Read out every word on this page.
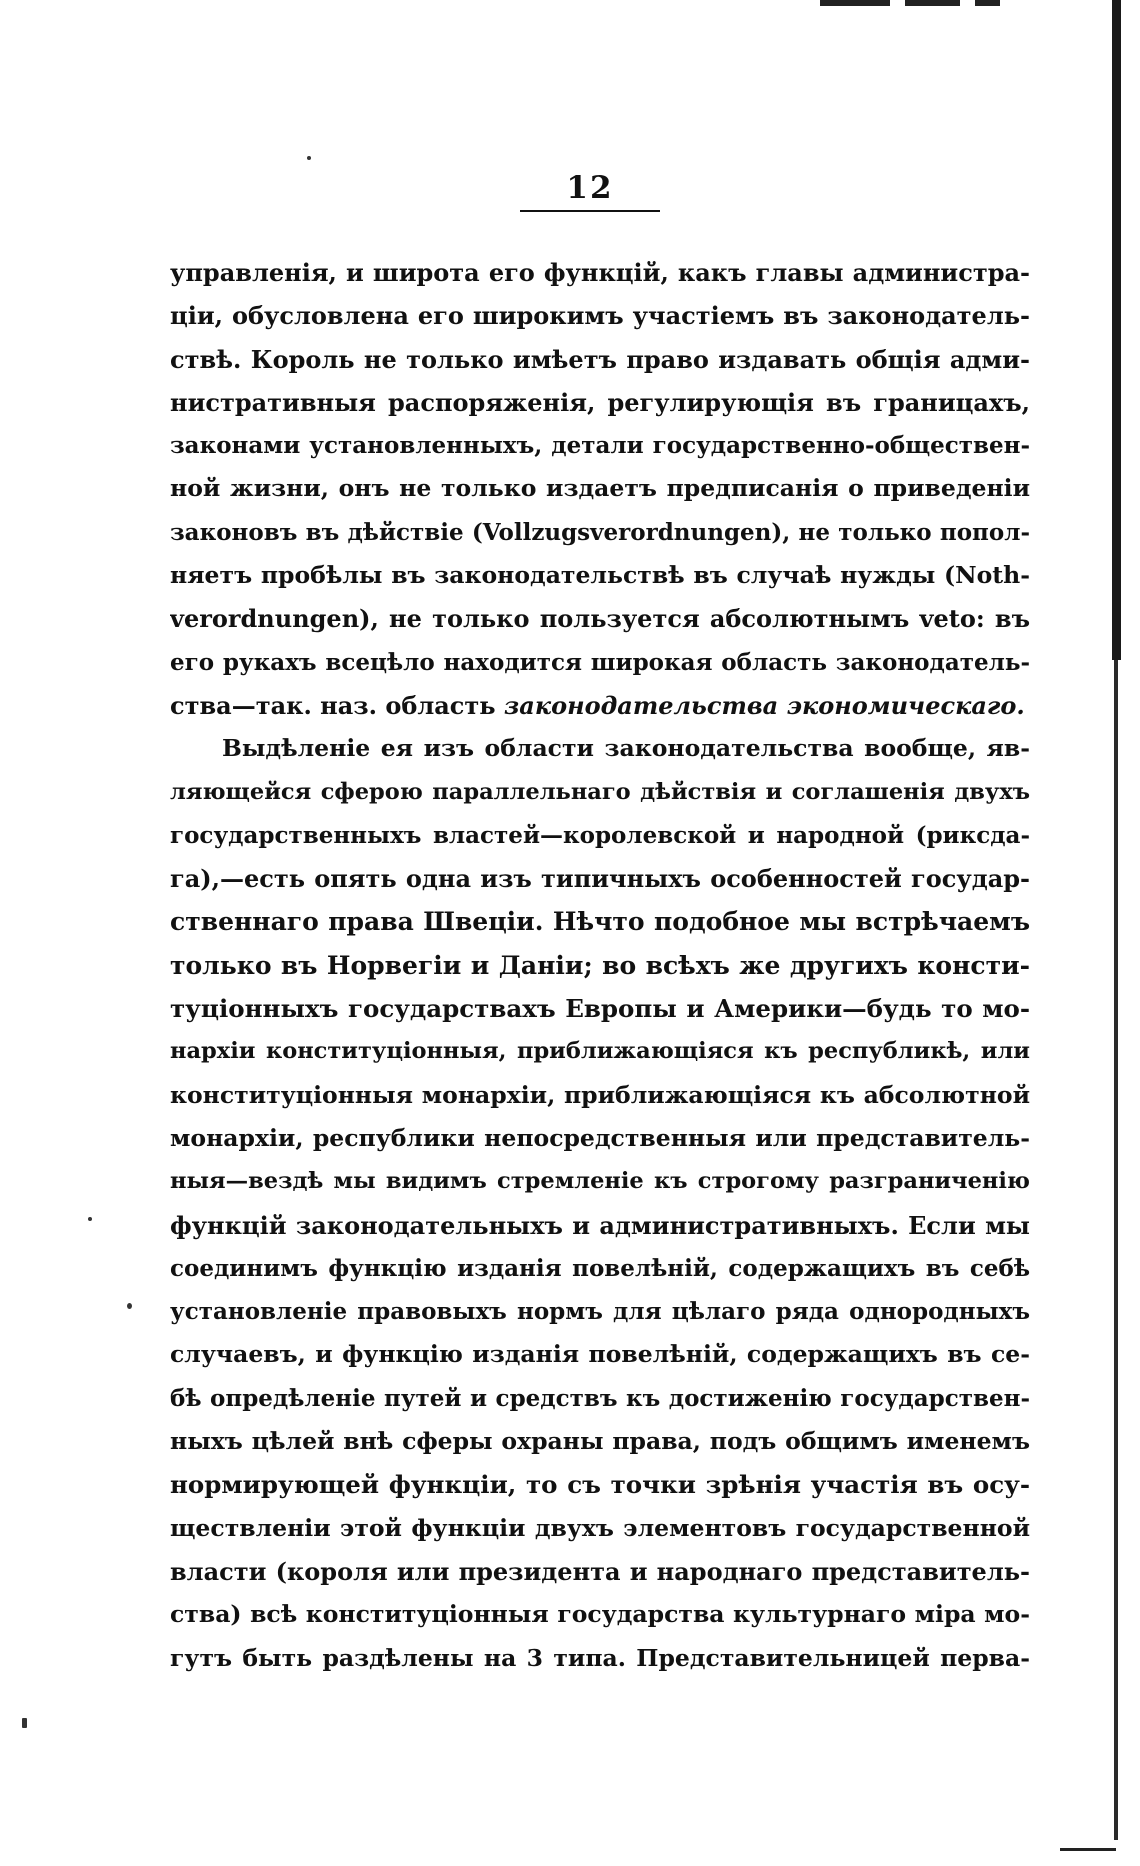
12
управленія, и широта его функцій, какъ главы администра-
ціи, обусловлена его широкимъ участіемъ въ законодатель-
ствѣ. Король не только имѣетъ право издавать общія адми-
нистративныя распоряженія, регулирующія въ границахъ,
законами установленныхъ, детали государственно-обществен-
ной жизни, онъ не только издаетъ предписанія о приведеніи
законовъ въ дѣйствіе (Vollzugsverordnungen), не только попол-
няетъ пробѣлы въ законодательствѣ въ случаѣ нужды (Noth-
verordnungen), не только пользуется абсолютнымъ veto: въ
его рукахъ всецѣло находится широкая область законодатель-
ства—так. наз. область законодательства экономическаго.
Выдѣленіе ея изъ области законодательства вообще, яв-
ляющейся сферою параллельнаго дѣйствія и соглашенія двухъ
государственныхъ властей—королевской и народной (риксда-
га),—есть опять одна изъ типичныхъ особенностей государ-
ственнаго права Швеціи. Нѣчто подобное мы встрѣчаемъ
только въ Норвегіи и Даніи; во всѣхъ же другихъ консти-
туціонныхъ государствахъ Европы и Америки—будь то мо-
нархіи конституціонныя, приближающіяся къ республикѣ, или
конституціонныя монархіи, приближающіяся къ абсолютной
монархіи, республики непосредственныя или представитель-
ныя—вездѣ мы видимъ стремленіе къ строгому разграниченію
функцій законодательныхъ и административныхъ. Если мы
соединимъ функцію изданія повелѣній, содержащихъ въ себѣ
установленіе правовыхъ нормъ для цѣлаго ряда однородныхъ
случаевъ, и функцію изданія повелѣній, содержащихъ въ се-
бѣ опредѣленіе путей и средствъ къ достиженію государствен-
ныхъ цѣлей внѣ сферы охраны права, подъ общимъ именемъ
нормирующей функціи, то съ точки зрѣнія участія въ осу-
ществленіи этой функціи двухъ элементовъ государственной
власти (короля или президента и народнаго представитель-
ства) всѣ конституціонныя государства культурнаго міра мо-
гутъ быть раздѣлены на 3 типа. Представительницей перва-
